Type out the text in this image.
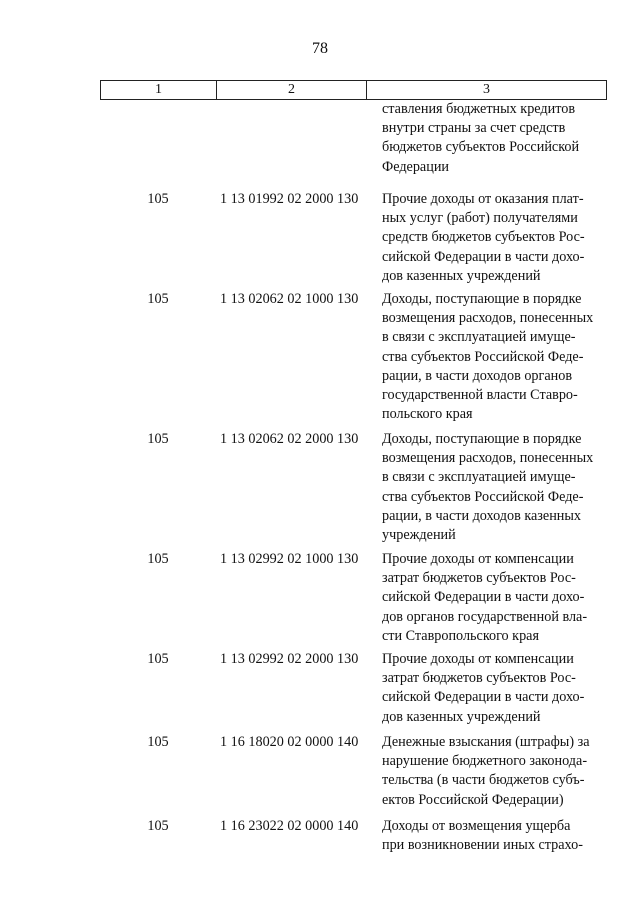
78
1	2	3
ставления бюджетных кредитов
внутри страны за счет средств
бюджетов субъектов Российской
Федерации
105	1 13 01992 02 2000 130	Прочие доходы от оказания плат-
ных услуг (работ) получателями
средств бюджетов субъектов Рос-
сийской Федерации в части дохо-
дов казенных учреждений
105	1 13 02062 02 1000 130	Доходы, поступающие в порядке
возмещения расходов, понесенных
в связи с эксплуатацией имуще-
ства субъектов Российской Феде-
рации, в части доходов органов
государственной власти Ставро-
польского края
105	1 13 02062 02 2000 130	Доходы, поступающие в порядке
возмещения расходов, понесенных
в связи с эксплуатацией имуще-
ства субъектов Российской Феде-
рации, в части доходов казенных
учреждений
105	1 13 02992 02 1000 130	Прочие доходы от компенсации
затрат бюджетов субъектов Рос-
сийской Федерации в части дохо-
дов органов государственной вла-
сти Ставропольского края
105	1 13 02992 02 2000 130	Прочие доходы от компенсации
затрат бюджетов субъектов Рос-
сийской Федерации в части дохо-
дов казенных учреждений
105	1 16 18020 02 0000 140	Денежные взыскания (штрафы) за
нарушение бюджетного законода-
тельства (в части бюджетов субъ-
ектов Российской Федерации)
105	1 16 23022 02 0000 140	Доходы от возмещения ущерба
при возникновении иных страхо-
